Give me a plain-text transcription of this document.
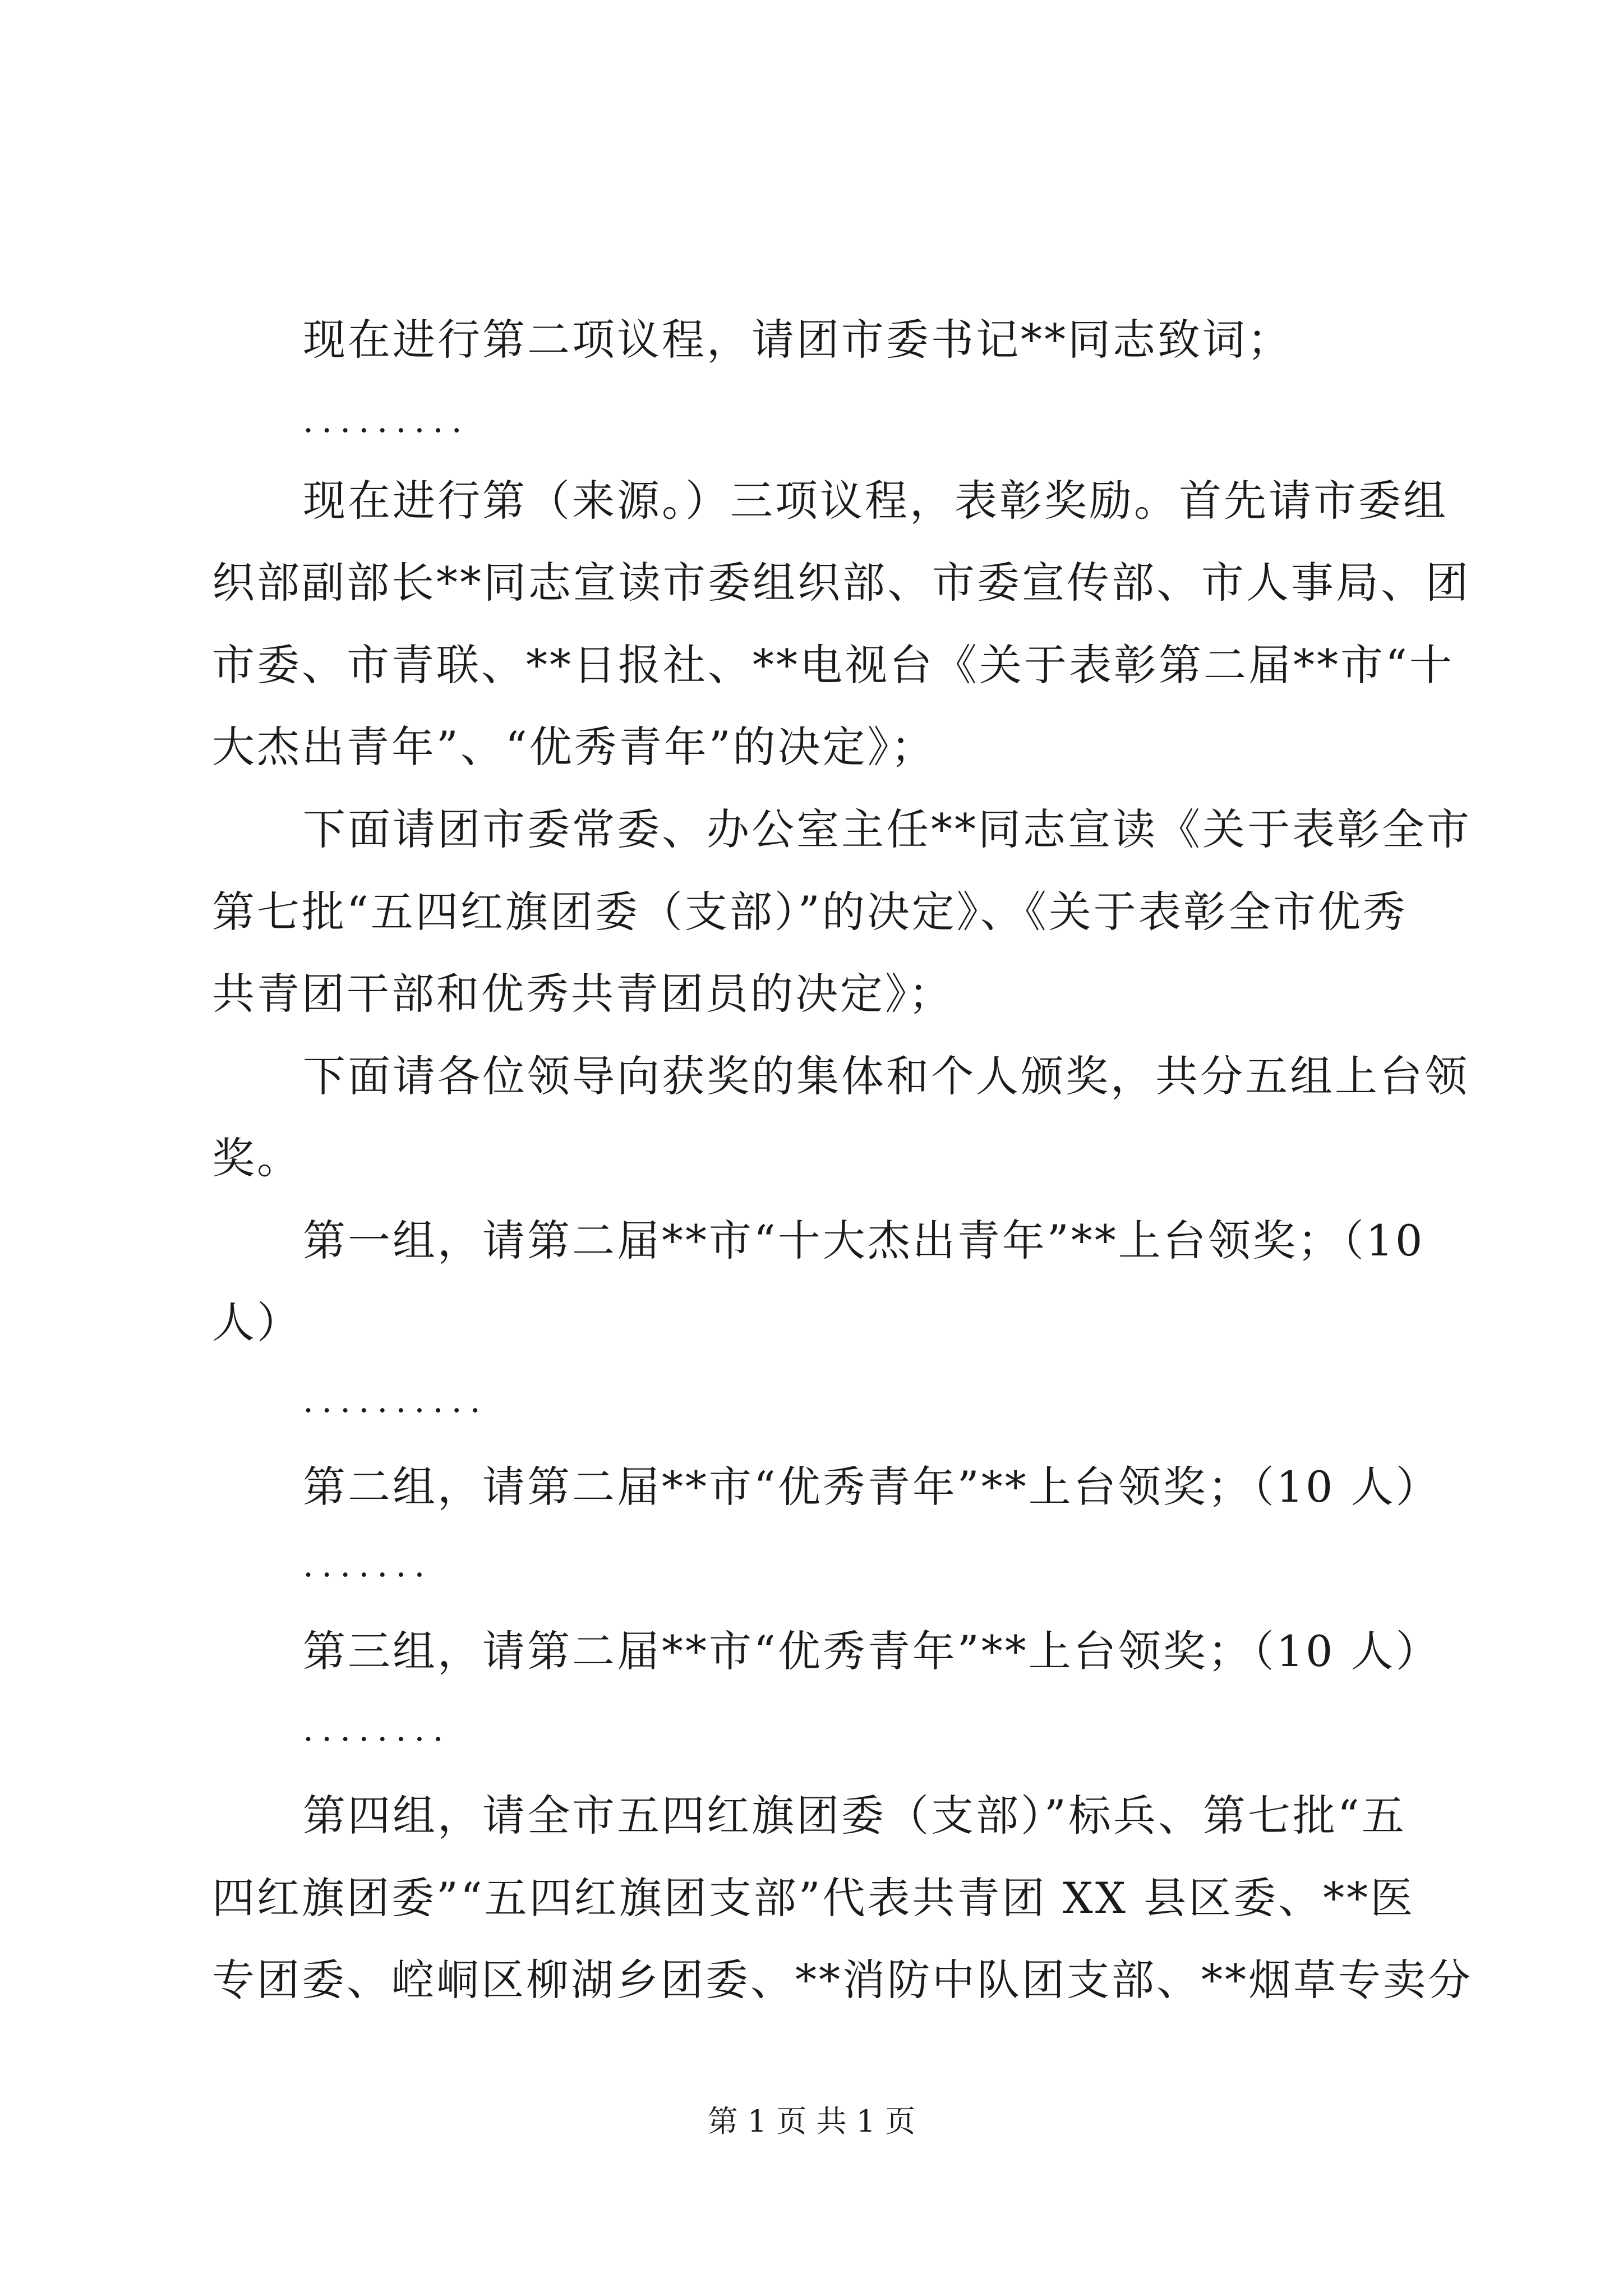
现在进行第二项议程，请团市委书记**同志致词；
.........
现在进行第（来源。）三项议程，表彰奖励。首先请市委组
织部副部长**同志宣读市委组织部、市委宣传部、市人事局、团
市委、市青联、**日报社、**电视台《关于表彰第二届**市“十
大杰出青年”、“优秀青年”的决定》；
下面请团市委常委、办公室主任**同志宣读《关于表彰全市
第七批“五四红旗团委（支部）”的决定》、《关于表彰全市优秀
共青团干部和优秀共青团员的决定》；
下面请各位领导向获奖的集体和个人颁奖，共分五组上台领
奖。
第一组，请第二届**市“十大杰出青年”**上台领奖；（10
人）
..........
第二组，请第二届**市“优秀青年”**上台领奖；（10 人）
.......
第三组，请第二届**市“优秀青年”**上台领奖；（10 人）
........
第四组，请全市五四红旗团委（支部）”标兵、第七批“五
四红旗团委”“五四红旗团支部”代表共青团 XX 县区委、**医
专团委、崆峒区柳湖乡团委、**消防中队团支部、**烟草专卖分
第 1 页 共 1 页
